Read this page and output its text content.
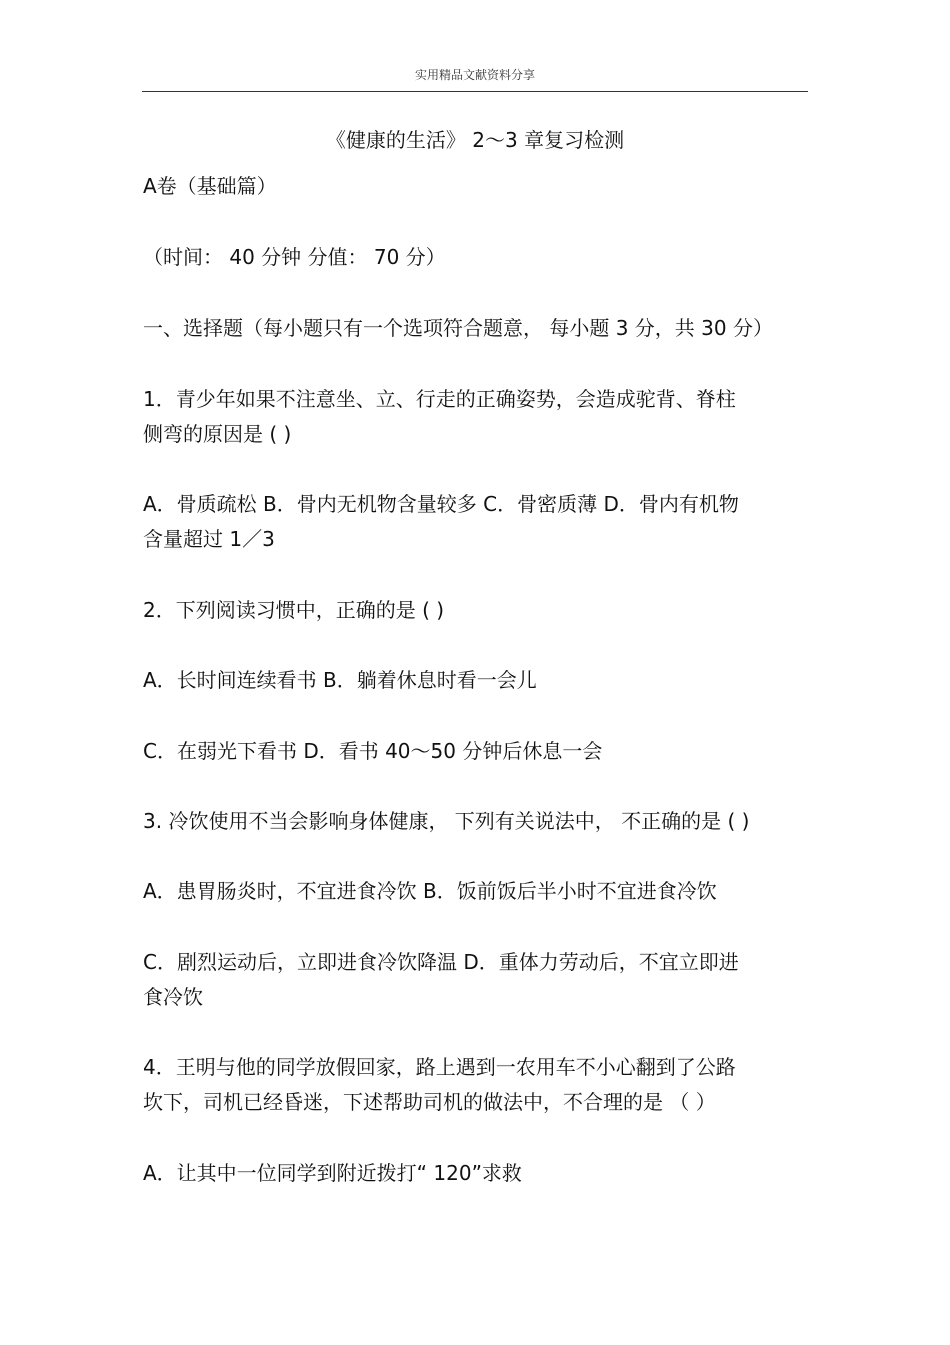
实用精品文献资料分享
《健康的生活》 2～3 章复习检测
A卷（基础篇）
（时间： 40 分钟 分值： 70 分）
一、选择题（每小题只有一个选项符合题意， 每小题 3 分，共 30 分）
1．青少年如果不注意坐、立、行走的正确姿势，会造成驼背、脊柱
侧弯的原因是 ( )
A．骨质疏松 B．骨内无机物含量较多 C．骨密质薄 D．骨内有机物
含量超过 1／3
2．下列阅读习惯中，正确的是 ( )
A．长时间连续看书 B．躺着休息时看一会儿
C．在弱光下看书 D．看书 40～50 分钟后休息一会
3. 冷饮使用不当会影响身体健康， 下列有关说法中， 不正确的是 ( )
A．患胃肠炎时，不宜进食冷饮 B．饭前饭后半小时不宜进食冷饮
C．剧烈运动后，立即进食冷饮降温 D．重体力劳动后，不宜立即进
食冷饮
4．王明与他的同学放假回家，路上遇到一农用车不小心翻到了公路
坎下，司机已经昏迷，下述帮助司机的做法中，不合理的是 （ ）
A．让其中一位同学到附近拨打“ 120”求救
